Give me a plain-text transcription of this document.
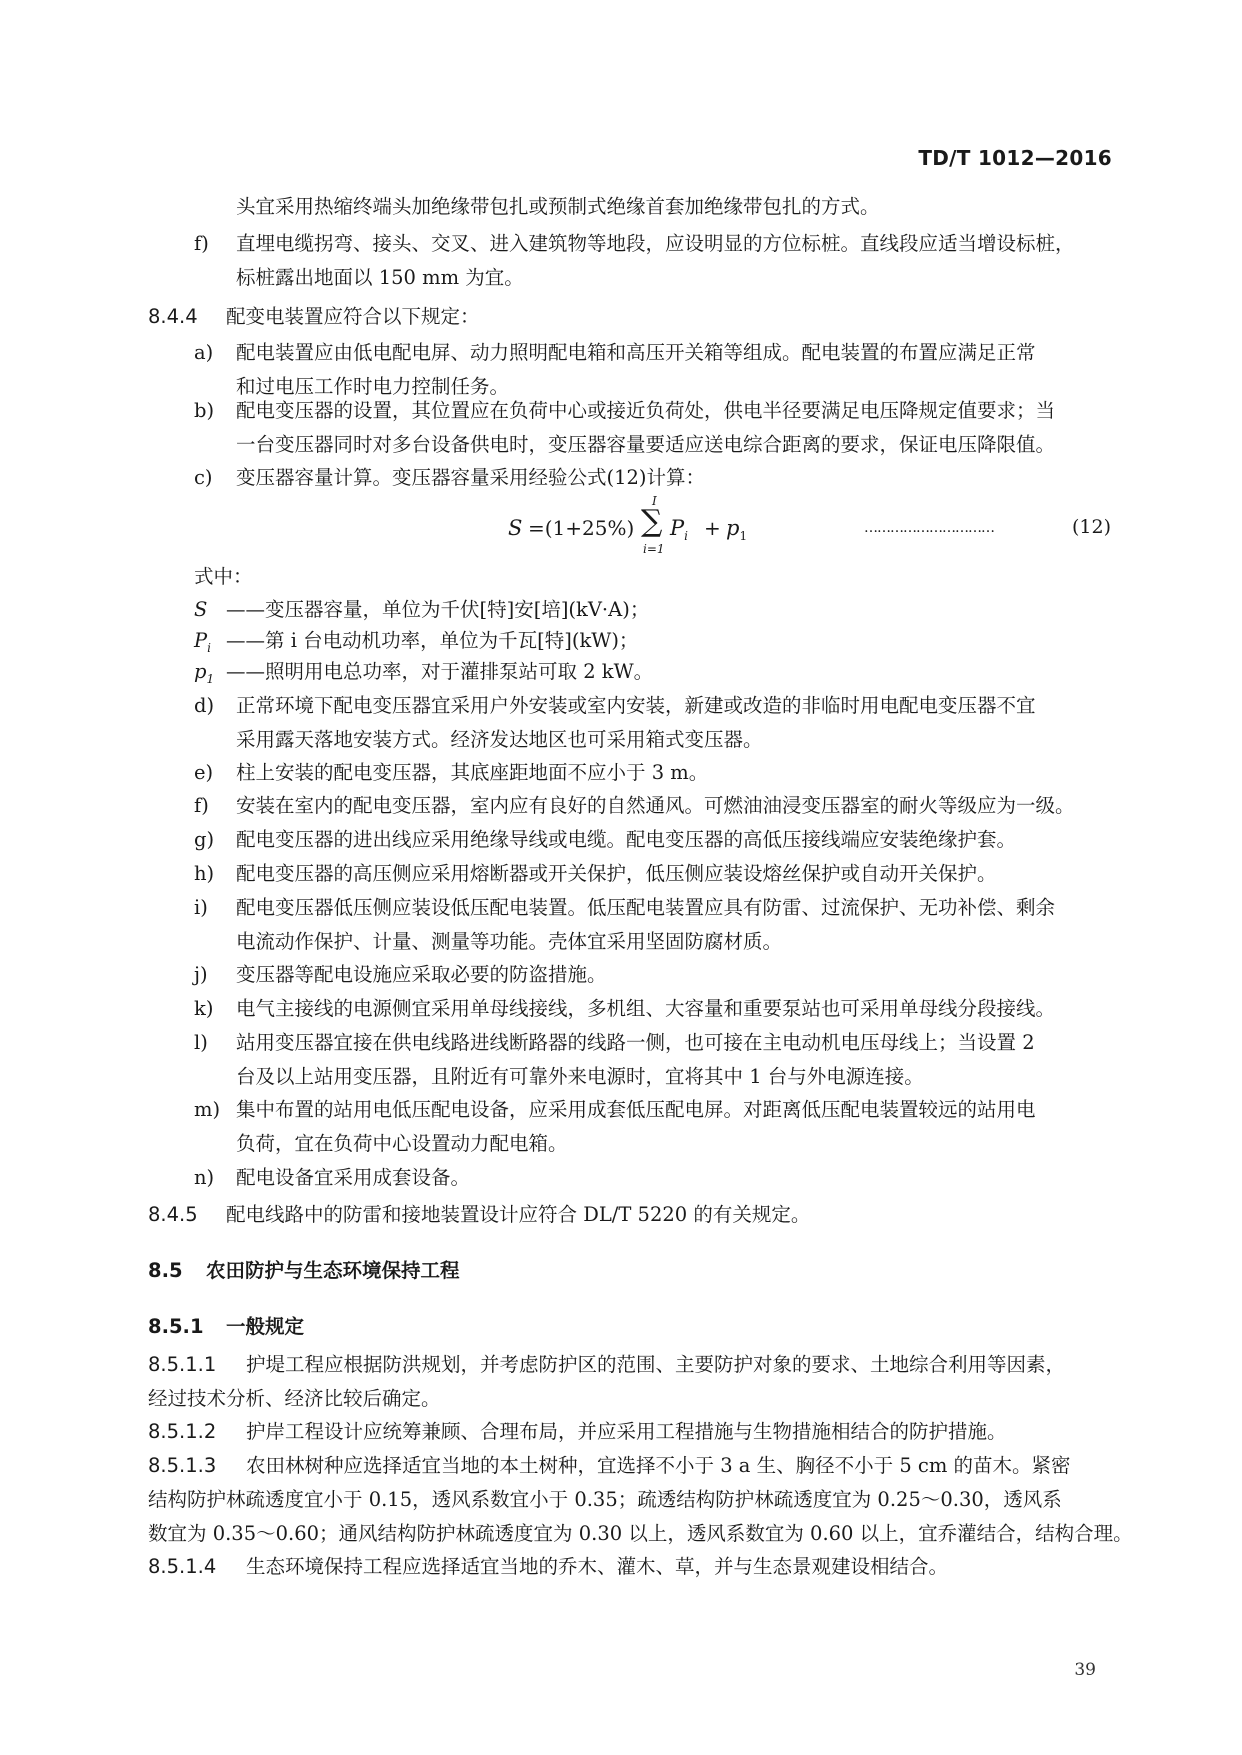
TD/T 1012—2016
头宜采用热缩终端头加绝缘带包扎或预制式绝缘首套加绝缘带包扎的方式。
f) 直埋电缆拐弯、接头、交叉、进入建筑物等地段，应设明显的方位标桩。直线段应适当增设标桩，
标桩露出地面以 150 mm 为宜。
8.4.4 配变电装置应符合以下规定：
a) 配电装置应由低电配电屏、动力照明配电箱和高压开关箱等组成。配电装置的布置应满足正常
和过电压工作时电力控制任务。
b) 配电变压器的设置，其位置应在负荷中心或接近负荷处，供电半径要满足电压降规定值要求；当
一台变压器同时对多台设备供电时，变压器容量要适应送电综合距离的要求，保证电压降限值。
c) 变压器容量计算。变压器容量采用经验公式(12)计算：
S =(1+25%)
I
∑
i=1
$P_i + p_1$
…………………………	(12)
式中：
S ——变压器容量，单位为千伏[特]安[培](kV·A)；
$P_i$ ——第 i 台电动机功率，单位为千瓦[特](kW)；
$p_1$ ——照明用电总功率，对于灌排泵站可取 2 kW。
d) 正常环境下配电变压器宜采用户外安装或室内安装，新建或改造的非临时用电配电变压器不宜
采用露天落地安装方式。经济发达地区也可采用箱式变压器。
e) 柱上安装的配电变压器，其底座距地面不应小于 3 m。
f) 安装在室内的配电变压器，室内应有良好的自然通风。可燃油油浸变压器室的耐火等级应为一级。
g) 配电变压器的进出线应采用绝缘导线或电缆。配电变压器的高低压接线端应安装绝缘护套。
h) 配电变压器的高压侧应采用熔断器或开关保护，低压侧应装设熔丝保护或自动开关保护。
i) 配电变压器低压侧应装设低压配电装置。低压配电装置应具有防雷、过流保护、无功补偿、剩余
电流动作保护、计量、测量等功能。壳体宜采用坚固防腐材质。
j) 变压器等配电设施应采取必要的防盗措施。
k) 电气主接线的电源侧宜采用单母线接线，多机组、大容量和重要泵站也可采用单母线分段接线。
l) 站用变压器宜接在供电线路进线断路器的线路一侧，也可接在主电动机电压母线上；当设置 2
台及以上站用变压器，且附近有可靠外来电源时，宜将其中 1 台与外电源连接。
m) 集中布置的站用电低压配电设备，应采用成套低压配电屏。对距离低压配电装置较远的站用电
负荷，宜在负荷中心设置动力配电箱。
n) 配电设备宜采用成套设备。
8.4.5 配电线路中的防雷和接地装置设计应符合 DL/T 5220 的有关规定。
8.5 农田防护与生态环境保持工程
8.5.1 一般规定
8.5.1.1 护堤工程应根据防洪规划，并考虑防护区的范围、主要防护对象的要求、土地综合利用等因素，
经过技术分析、经济比较后确定。
8.5.1.2 护岸工程设计应统筹兼顾、合理布局，并应采用工程措施与生物措施相结合的防护措施。
8.5.1.3 农田林树种应选择适宜当地的本土树种，宜选择不小于 3 a 生、胸径不小于 5 cm 的苗木。紧密
结构防护林疏透度宜小于 0.15，透风系数宜小于 0.35；疏透结构防护林疏透度宜为 0.25～0.30，透风系
数宜为 0.35～0.60；通风结构防护林疏透度宜为 0.30 以上，透风系数宜为 0.60 以上，宜乔灌结合，结构合理。
8.5.1.4 生态环境保持工程应选择适宜当地的乔木、灌木、草，并与生态景观建设相结合。
39
